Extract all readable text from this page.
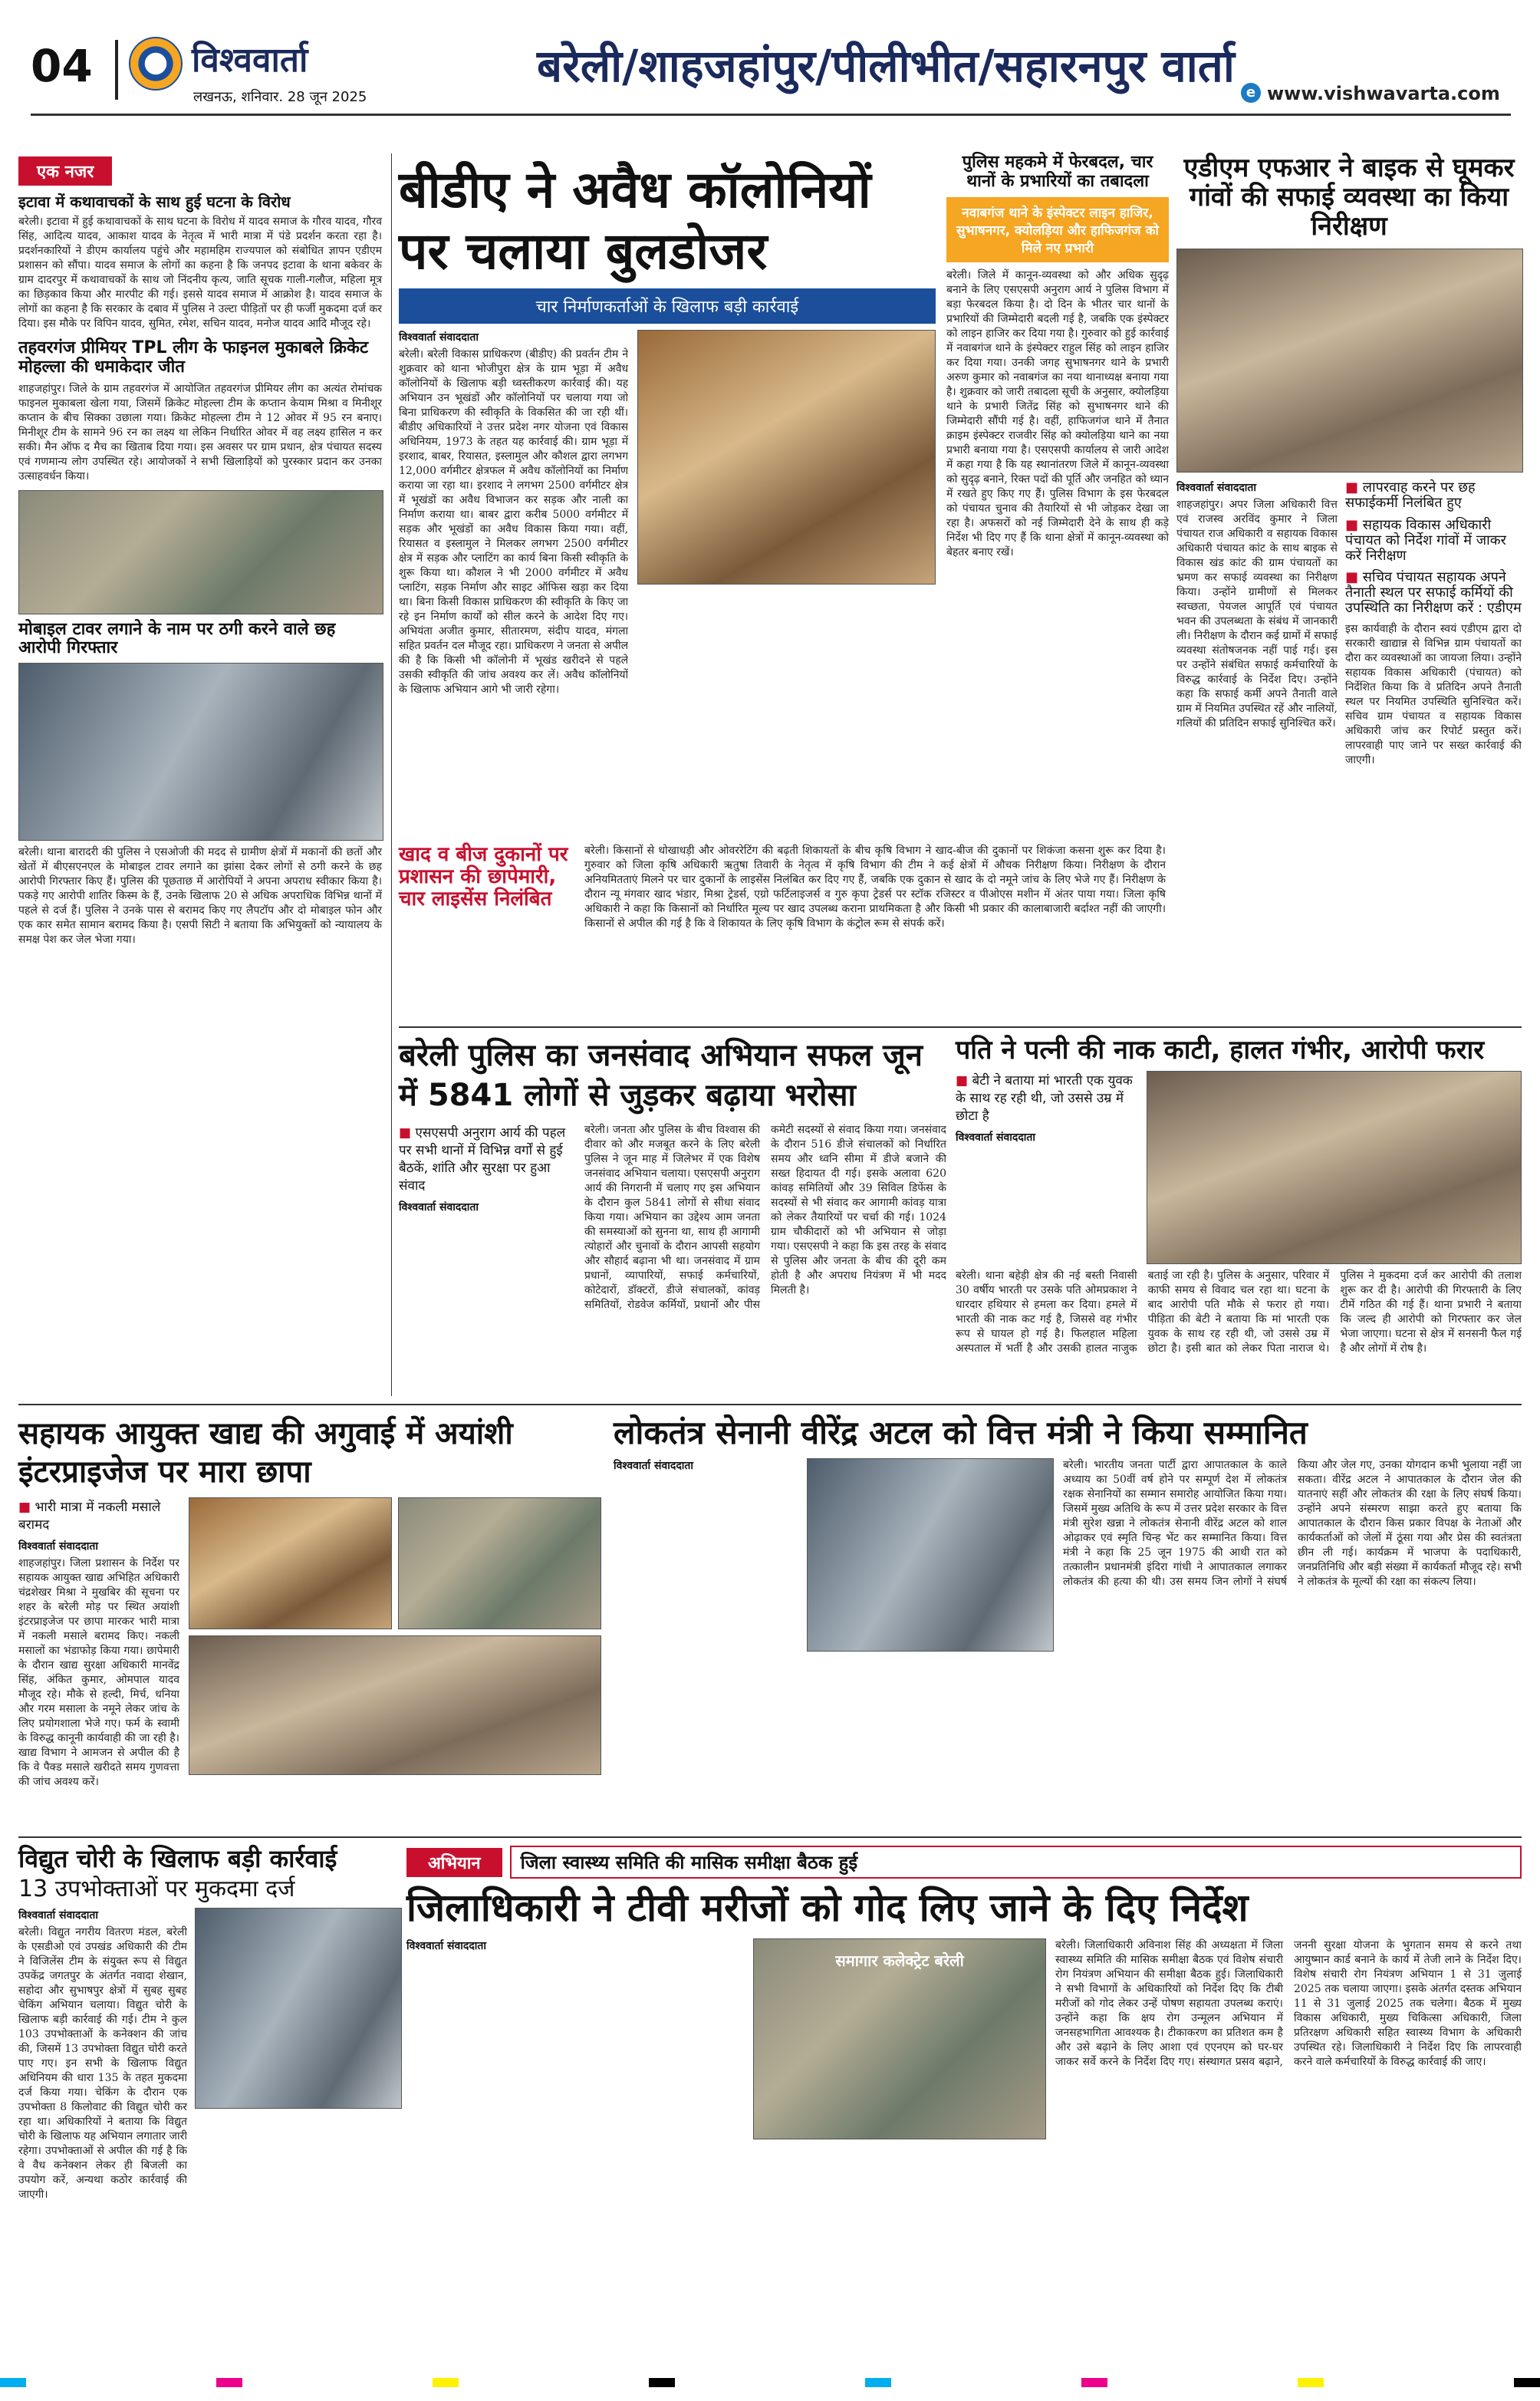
04	विश्ववार्ता
लखनऊ, शनिवार. 28 जून 2025
बरेली/शाहजहांपुर/पीलीभीत/सहारनपुर वार्ता
e www.vishwavarta.com
एक नजर
इटावा में कथावाचकों के साथ हुई घटना के विरोध
बरेली। इटावा में हुई कथावाचकों के साथ घटना के विरोध में यादव समाज के गौरव यादव, गौरव सिंह, आदित्य यादव, आकाश यादव के नेतृत्व में भारी मात्रा में पंडे प्रदर्शन करता रहा है। प्रदर्शनकारियों ने डीएम कार्यालय पहुंचे और महामहिम राज्यपाल को संबोधित ज्ञापन एडीएम प्रशासन को सौंपा। यादव समाज के लोगों का कहना है कि जनपद इटावा के थाना बकेवर के ग्राम दादरपुर में कथावाचकों के साथ जो निंदनीय कृत्य, जाति सूचक गाली-गलौज, महिला मूत्र का छिड़काव किया और मारपीट की गई। इससे यादव समाज में आक्रोश है। यादव समाज के लोगों का कहना है कि सरकार के दबाव में पुलिस ने उल्टा पीड़ितों पर ही फर्जी मुकदमा दर्ज कर दिया। इस मौके पर विपिन यादव, सुमित, रमेश, सचिन यादव, मनोज यादव आदि मौजूद रहे।
तहवरगंज प्रीमियर TPL लीग के फाइनल मुकाबले क्रिकेट मोहल्ला की धमाकेदार जीत
शाहजहांपुर। जिले के ग्राम तहवरगंज में आयोजित तहवरगंज प्रीमियर लीग का अत्यंत रोमांचक फाइनल मुकाबला खेला गया, जिसमें क्रिकेट मोहल्ला टीम के कप्तान केयाम मिश्रा व मिनीशूर कप्तान के बीच सिक्का उछाला गया। क्रिकेट मोहल्ला टीम ने 12 ओवर में 95 रन बनाए। मिनीशूर टीम के सामने 96 रन का लक्ष्य था लेकिन निर्धारित ओवर में वह लक्ष्य हासिल न कर सकी। मैन ऑफ द मैच का खिताब दिया गया। इस अवसर पर ग्राम प्रधान, क्षेत्र पंचायत सदस्य एवं गणमान्य लोग उपस्थित रहे। आयोजकों ने सभी खिलाड़ियों को पुरस्कार प्रदान कर उनका उत्साहवर्धन किया।
मोबाइल टावर लगाने के नाम पर ठगी करने वाले छह आरोपी गिरफ्तार
बरेली। थाना बारादरी की पुलिस ने एसओजी की मदद से ग्रामीण क्षेत्रों में मकानों की छतों और खेतों में बीएसएनएल के मोबाइल टावर लगाने का झांसा देकर लोगों से ठगी करने के छह आरोपी गिरफ्तार किए हैं। पुलिस की पूछताछ में आरोपियों ने अपना अपराध स्वीकार किया है। पकड़े गए आरोपी शातिर किस्म के हैं, उनके खिलाफ 20 से अधिक अपराधिक विभिन्न थानों में पहले से दर्ज हैं। पुलिस ने उनके पास से बरामद किए गए लैपटॉप और दो मोबाइल फोन और एक कार समेत सामान बरामद किया है। एसपी सिटी ने बताया कि अभियुक्तों को न्यायालय के समक्ष पेश कर जेल भेजा गया।
बीडीए ने अवैध कॉलोनियों पर चलाया बुलडोजर
चार निर्माणकर्ताओं के खिलाफ बड़ी कार्रवाई
विश्ववार्ता संवाददाता
बरेली। बरेली विकास प्राधिकरण (बीडीए) की प्रवर्तन टीम ने शुक्रवार को थाना भोजीपुरा क्षेत्र के ग्राम भूड़ा में अवैध कॉलोनियों के खिलाफ बड़ी ध्वस्तीकरण कार्रवाई की। यह अभियान उन भूखंडों और कॉलोनियों पर चलाया गया जो बिना प्राधिकरण की स्वीकृति के विकसित की जा रही थीं। बीडीए अधिकारियों ने उत्तर प्रदेश नगर योजना एवं विकास अधिनियम, 1973 के तहत यह कार्रवाई की। ग्राम भूड़ा में इरशाद, बाबर, रियासत, इस्लामुल और कौशल द्वारा लगभग 12,000 वर्गमीटर क्षेत्रफल में अवैध कॉलोनियों का निर्माण कराया जा रहा था। इरशाद ने लगभग 2500 वर्गमीटर क्षेत्र में भूखंडों का अवैध विभाजन कर सड़क और नाली का निर्माण कराया था। बाबर द्वारा करीब 5000 वर्गमीटर में सड़क और भूखंडों का अवैध विकास किया गया। वहीं, रियासत व इस्लामुल ने मिलकर लगभग 2500 वर्गमीटर क्षेत्र में सड़क और प्लाटिंग का कार्य बिना किसी स्वीकृति के शुरू किया था। कौशल ने भी 2000 वर्गमीटर में अवैध प्लाटिंग, सड़क निर्माण और साइट ऑफिस खड़ा कर दिया था। बिना किसी विकास प्राधिकरण की स्वीकृति के किए जा रहे इन निर्माण कार्यों को सील करने के आदेश दिए गए। अभियंता अजीत कुमार, सीतारमण, संदीप यादव, मंगला सहित प्रवर्तन दल मौजूद रहा। प्राधिकरण ने जनता से अपील की है कि किसी भी कॉलोनी में भूखंड खरीदने से पहले उसकी स्वीकृति की जांच अवश्य कर लें। अवैध कॉलोनियों के खिलाफ अभियान आगे भी जारी रहेगा।
पुलिस महकमे में फेरबदल, चार थानों के प्रभारियों का तबादला
नवाबगंज थाने के इंस्पेक्टर लाइन हाजिर, सुभाषनगर, क्योलड़िया और हाफिजगंज को मिले नए प्रभारी
बरेली। जिले में कानून-व्यवस्था को और अधिक सुदृढ़ बनाने के लिए एसएसपी अनुराग आर्य ने पुलिस विभाग में बड़ा फेरबदल किया है। दो दिन के भीतर चार थानों के प्रभारियों की जिम्मेदारी बदली गई है, जबकि एक इंस्पेक्टर को लाइन हाजिर कर दिया गया है। गुरुवार को हुई कार्रवाई में नवाबगंज थाने के इंस्पेक्टर राहुल सिंह को लाइन हाजिर कर दिया गया। उनकी जगह सुभाषनगर थाने के प्रभारी अरुण कुमार को नवाबगंज का नया थानाध्यक्ष बनाया गया है। शुक्रवार को जारी तबादला सूची के अनुसार, क्योलड़िया थाने के प्रभारी जितेंद्र सिंह को सुभाषनगर थाने की जिम्मेदारी सौंपी गई है। वहीं, हाफिजगंज थाने में तैनात क्राइम इंस्पेक्टर राजवीर सिंह को क्योलड़िया थाने का नया प्रभारी बनाया गया है। एसएसपी कार्यालय से जारी आदेश में कहा गया है कि यह स्थानांतरण जिले में कानून-व्यवस्था को सुदृढ़ बनाने, रिक्त पदों की पूर्ति और जनहित को ध्यान में रखते हुए किए गए हैं। पुलिस विभाग के इस फेरबदल को पंचायत चुनाव की तैयारियों से भी जोड़कर देखा जा रहा है। अफसरों को नई जिम्मेदारी देने के साथ ही कड़े निर्देश भी दिए गए हैं कि थाना क्षेत्रों में कानून-व्यवस्था को बेहतर बनाए रखें।
एडीएम एफआर ने बाइक से घूमकर गांवों की सफाई व्यवस्था का किया निरीक्षण
विश्ववार्ता संवाददाता
शाहजहांपुर। अपर जिला अधिकारी वित्त एवं राजस्व अरविंद कुमार ने जिला पंचायत राज अधिकारी व सहायक विकास अधिकारी पंचायत कांट के साथ बाइक से विकास खंड कांट की ग्राम पंचायतों का भ्रमण कर सफाई व्यवस्था का निरीक्षण किया। उन्होंने ग्रामीणों से मिलकर स्वच्छता, पेयजल आपूर्ति एवं पंचायत भवन की उपलब्धता के संबंध में जानकारी ली। निरीक्षण के दौरान कई ग्रामों में सफाई व्यवस्था संतोषजनक नहीं पाई गई। इस पर उन्होंने संबंधित सफाई कर्मचारियों के विरुद्ध कार्रवाई के निर्देश दिए। उन्होंने कहा कि सफाई कर्मी अपने तैनाती वाले ग्राम में नियमित उपस्थित रहें और नालियों, गलियों की प्रतिदिन सफाई सुनिश्चित करें।
■ लापरवाह करने पर छह सफाईकर्मी निलंबित हुए
■ सहायक विकास अधिकारी पंचायत को निर्देश गांवों में जाकर करें निरीक्षण
■ सचिव पंचायत सहायक अपने तैनाती स्थल पर सफाई कर्मियों की उपस्थिति का निरीक्षण करें : एडीएम
इस कार्यवाही के दौरान स्वयं एडीएम द्वारा दो सरकारी खाद्यान्न से विभिन्न ग्राम पंचायतों का दौरा कर व्यवस्थाओं का जायजा लिया। उन्होंने सहायक विकास अधिकारी (पंचायत) को निर्देशित किया कि वे प्रतिदिन अपने तैनाती स्थल पर नियमित उपस्थिति सुनिश्चित करें। सचिव ग्राम पंचायत व सहायक विकास अधिकारी जांच कर रिपोर्ट प्रस्तुत करें। लापरवाही पाए जाने पर सख्त कार्रवाई की जाएगी।
खाद व बीज दुकानों पर प्रशासन की छापेमारी, चार लाइसेंस निलंबित
बरेली। किसानों से धोखाधड़ी और ओवररेटिंग की बढ़ती शिकायतों के बीच कृषि विभाग ने खाद-बीज की दुकानों पर शिकंजा कसना शुरू कर दिया है। गुरुवार को जिला कृषि अधिकारी ऋतुषा तिवारी के नेतृत्व में कृषि विभाग की टीम ने कई क्षेत्रों में औचक निरीक्षण किया। निरीक्षण के दौरान अनियमितताएं मिलने पर चार दुकानों के लाइसेंस निलंबित कर दिए गए हैं, जबकि एक दुकान से खाद के दो नमूने जांच के लिए भेजे गए हैं। निरीक्षण के दौरान न्यू मंगवार खाद भंडार, मिश्रा ट्रेडर्स, एग्रो फर्टिलाइजर्स व गुरु कृपा ट्रेडर्स पर स्टॉक रजिस्टर व पीओएस मशीन में अंतर पाया गया। जिला कृषि अधिकारी ने कहा कि किसानों को निर्धारित मूल्य पर खाद उपलब्ध कराना प्राथमिकता है और किसी भी प्रकार की कालाबाजारी बर्दाश्त नहीं की जाएगी। किसानों से अपील की गई है कि वे शिकायत के लिए कृषि विभाग के कंट्रोल रूम से संपर्क करें।
बरेली पुलिस का जनसंवाद अभियान सफल जून में 5841 लोगों से जुड़कर बढ़ाया भरोसा
■ एसएसपी अनुराग आर्य की पहल पर सभी थानों में विभिन्न वर्गों से हुई बैठकें, शांति और सुरक्षा पर हुआ संवाद
विश्ववार्ता संवाददाता
बरेली। जनता और पुलिस के बीच विश्वास की दीवार को और मजबूत करने के लिए बरेली पुलिस ने जून माह में जिलेभर में एक विशेष जनसंवाद अभियान चलाया। एसएसपी अनुराग आर्य की निगरानी में चलाए गए इस अभियान के दौरान कुल 5841 लोगों से सीधा संवाद किया गया। अभियान का उद्देश्य आम जनता की समस्याओं को सुनना था, साथ ही आगामी त्योहारों और चुनावों के दौरान आपसी सहयोग और सौहार्द बढ़ाना भी था। जनसंवाद में ग्राम प्रधानों, व्यापारियों, सफाई कर्मचारियों, कोटेदारों, डॉक्टरों, डीजे संचालकों, कांवड़ समितियों, रोडवेज कर्मियों, प्रधानों और पीस कमेटी सदस्यों से संवाद किया गया। जनसंवाद के दौरान 516 डीजे संचालकों को निर्धारित समय और ध्वनि सीमा में डीजे बजाने की सख्त हिदायत दी गई। इसके अलावा 620 कांवड़ समितियों और 39 सिविल डिफेंस के सदस्यों से भी संवाद कर आगामी कांवड़ यात्रा को लेकर तैयारियों पर चर्चा की गई। 1024 ग्राम चौकीदारों को भी अभियान से जोड़ा गया। एसएसपी ने कहा कि इस तरह के संवाद से पुलिस और जनता के बीच की दूरी कम होती है और अपराध नियंत्रण में भी मदद मिलती है।
पति ने पत्नी की नाक काटी, हालत गंभीर, आरोपी फरार
■ बेटी ने बताया मां भारती एक युवक के साथ रह रही थी, जो उससे उम्र में छोटा है
विश्ववार्ता संवाददाता
बरेली। थाना बहेड़ी क्षेत्र की नई बस्ती निवासी 30 वर्षीय भारती पर उसके पति ओमप्रकाश ने धारदार हथियार से हमला कर दिया। हमले में भारती की नाक कट गई है, जिससे वह गंभीर रूप से घायल हो गई है। फिलहाल महिला अस्पताल में भर्ती है और उसकी हालत नाजुक बताई जा रही है। पुलिस के अनुसार, परिवार में काफी समय से विवाद चल रहा था। घटना के बाद आरोपी पति मौके से फरार हो गया। पीड़िता की बेटी ने बताया कि मां भारती एक युवक के साथ रह रही थी, जो उससे उम्र में छोटा है। इसी बात को लेकर पिता नाराज थे। पुलिस ने मुकदमा दर्ज कर आरोपी की तलाश शुरू कर दी है। आरोपी की गिरफ्तारी के लिए टीमें गठित की गई हैं। थाना प्रभारी ने बताया कि जल्द ही आरोपी को गिरफ्तार कर जेल भेजा जाएगा। घटना से क्षेत्र में सनसनी फैल गई है और लोगों में रोष है।
सहायक आयुक्त खाद्य की अगुवाई में अयांशी इंटरप्राइजेज पर मारा छापा
■ भारी मात्रा में नकली मसाले बरामद
विश्ववार्ता संवाददाता
शाहजहांपुर। जिला प्रशासन के निर्देश पर सहायक आयुक्त खाद्य अभिहित अधिकारी चंद्रशेखर मिश्रा ने मुखबिर की सूचना पर शहर के बरेली मोड़ पर स्थित अयांशी इंटरप्राइजेज पर छापा मारकर भारी मात्रा में नकली मसाले बरामद किए। नकली मसालों का भंडाफोड़ किया गया। छापेमारी के दौरान खाद्य सुरक्षा अधिकारी मानवेंद्र सिंह, अंकित कुमार, ओमपाल यादव मौजूद रहे। मौके से हल्दी, मिर्च, धनिया और गरम मसाला के नमूने लेकर जांच के लिए प्रयोगशाला भेजे गए। फर्म के स्वामी के विरुद्ध कानूनी कार्यवाही की जा रही है। खाद्य विभाग ने आमजन से अपील की है कि वे पैक्ड मसाले खरीदते समय गुणवत्ता की जांच अवश्य करें।
लोकतंत्र सेनानी वीरेंद्र अटल को वित्त मंत्री ने किया सम्मानित
विश्ववार्ता संवाददाता	बरेली। भारतीय जनता पार्टी द्वारा आपातकाल के काले अध्याय का 50वीं वर्ष होने पर सम्पूर्ण देश में लोकतंत्र रक्षक सेनानियों का सम्मान समारोह आयोजित किया गया। जिसमें मुख्य अतिथि के रूप में उत्तर प्रदेश सरकार के वित्त मंत्री सुरेश खन्ना ने लोकतंत्र सेनानी वीरेंद्र अटल को शाल ओढ़ाकर एवं स्मृति चिन्ह भेंट कर सम्मानित किया। वित्त मंत्री ने कहा कि 25 जून 1975 की आधी रात को तत्कालीन प्रधानमंत्री इंदिरा गांधी ने आपातकाल लगाकर लोकतंत्र की हत्या की थी। उस समय जिन लोगों ने संघर्ष किया और जेल गए, उनका योगदान कभी भुलाया नहीं जा सकता। वीरेंद्र अटल ने आपातकाल के दौरान जेल की यातनाएं सहीं और लोकतंत्र की रक्षा के लिए संघर्ष किया। उन्होंने अपने संस्मरण साझा करते हुए बताया कि आपातकाल के दौरान किस प्रकार विपक्ष के नेताओं और कार्यकर्ताओं को जेलों में ठूंसा गया और प्रेस की स्वतंत्रता छीन ली गई। कार्यक्रम में भाजपा के पदाधिकारी, जनप्रतिनिधि और बड़ी संख्या में कार्यकर्ता मौजूद रहे। सभी ने लोकतंत्र के मूल्यों की रक्षा का संकल्प लिया।
विद्युत चोरी के खिलाफ बड़ी कार्रवाई
13 उपभोक्ताओं पर मुकदमा दर्ज
विश्ववार्ता संवाददाता
बरेली। विद्युत नगरीय वितरण मंडल, बरेली के एसडीओ एवं उपखंड अधिकारी की टीम ने विजिलेंस टीम के संयुक्त रूप से विद्युत उपकेंद्र जगतपुर के अंतर्गत नवादा शेखान, सहोदा और सुभाषपुर क्षेत्रों में सुबह सुबह चेकिंग अभियान चलाया। विद्युत चोरी के खिलाफ बड़ी कार्रवाई की गई। टीम ने कुल 103 उपभोक्ताओं के कनेक्शन की जांच की, जिसमें 13 उपभोक्ता विद्युत चोरी करते पाए गए। इन सभी के खिलाफ विद्युत अधिनियम की धारा 135 के तहत मुकदमा दर्ज किया गया। चेकिंग के दौरान एक उपभोक्ता 8 किलोवाट की विद्युत चोरी कर रहा था। अधिकारियों ने बताया कि विद्युत चोरी के खिलाफ यह अभियान लगातार जारी रहेगा। उपभोक्ताओं से अपील की गई है कि वे वैध कनेक्शन लेकर ही बिजली का उपयोग करें, अन्यथा कठोर कार्रवाई की जाएगी।
अभियान	जिला स्वास्थ्य समिति की मासिक समीक्षा बैठक हुई
जिलाधिकारी ने टीवी मरीजों को गोद लिए जाने के दिए निर्देश
विश्ववार्ता संवाददाता
समागार कलेक्ट्रेट बरेली
बरेली। जिलाधिकारी अविनाश सिंह की अध्यक्षता में जिला स्वास्थ्य समिति की मासिक समीक्षा बैठक एवं विशेष संचारी रोग नियंत्रण अभियान की समीक्षा बैठक हुई। जिलाधिकारी ने सभी विभागों के अधिकारियों को निर्देश दिए कि टीबी मरीजों को गोद लेकर उन्हें पोषण सहायता उपलब्ध कराएं। उन्होंने कहा कि क्षय रोग उन्मूलन अभियान में जनसहभागिता आवश्यक है। टीकाकरण का प्रतिशत कम है और उसे बढ़ाने के लिए आशा एवं एएनएम को घर-घर जाकर सर्वे करने के निर्देश दिए गए। संस्थागत प्रसव बढ़ाने, जननी सुरक्षा योजना के भुगतान समय से करने तथा आयुष्मान कार्ड बनाने के कार्य में तेजी लाने के निर्देश दिए। विशेष संचारी रोग नियंत्रण अभियान 1 से 31 जुलाई 2025 तक चलाया जाएगा। इसके अंतर्गत दस्तक अभियान 11 से 31 जुलाई 2025 तक चलेगा। बैठक में मुख्य विकास अधिकारी, मुख्य चिकित्सा अधिकारी, जिला प्रतिरक्षण अधिकारी सहित स्वास्थ्य विभाग के अधिकारी उपस्थित रहे। जिलाधिकारी ने निर्देश दिए कि लापरवाही करने वाले कर्मचारियों के विरुद्ध कार्रवाई की जाए।
